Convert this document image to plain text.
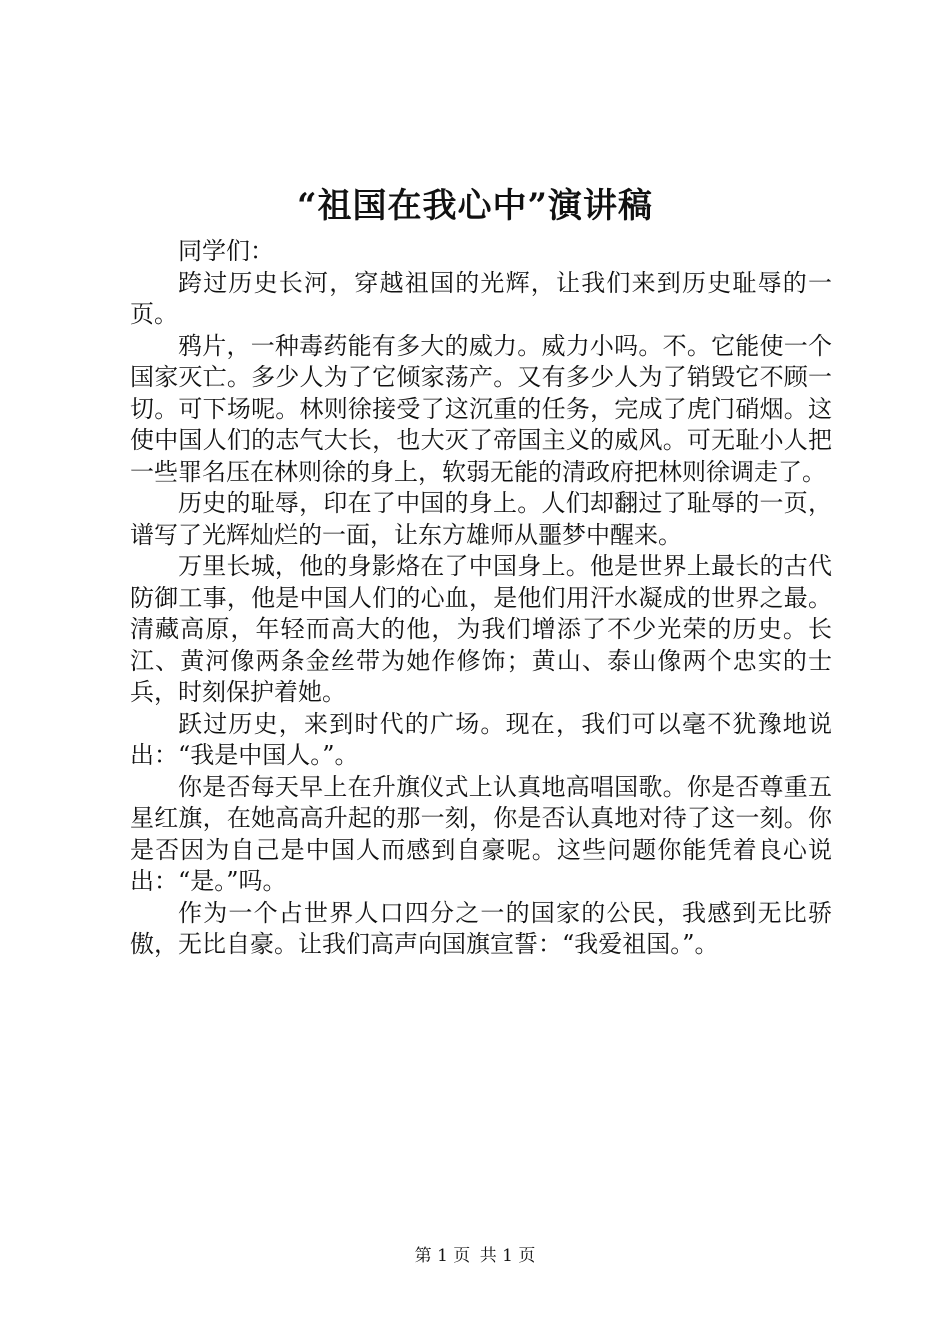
“祖国在我心中”演讲稿

同学们：

跨过历史长河，穿越祖国的光辉，让我们来到历史耻辱的一页。

鸦片，一种毒药能有多大的威力。威力小吗。不。它能使一个国家灭亡。多少人为了它倾家荡产。又有多少人为了销毁它不顾一切。可下场呢。林则徐接受了这沉重的任务，完成了虎门硝烟。这使中国人们的志气大长，也大灭了帝国主义的威风。可无耻小人把一些罪名压在林则徐的身上，软弱无能的清政府把林则徐调走了。

历史的耻辱，印在了中国的身上。人们却翻过了耻辱的一页，谱写了光辉灿烂的一面，让东方雄师从噩梦中醒来。

万里长城，他的身影烙在了中国身上。他是世界上最长的古代防御工事，他是中国人们的心血，是他们用汗水凝成的世界之最。清藏高原，年轻而高大的他，为我们增添了不少光荣的历史。长江、黄河像两条金丝带为她作修饰；黄山、泰山像两个忠实的士兵，时刻保护着她。

跃过历史，来到时代的广场。现在，我们可以毫不犹豫地说出：“我是中国人。”。

你是否每天早上在升旗仪式上认真地高唱国歌。你是否尊重五星红旗，在她高高升起的那一刻，你是否认真地对待了这一刻。你是否因为自己是中国人而感到自豪呢。这些问题你能凭着良心说出：“是。”吗。

作为一个占世界人口四分之一的国家的公民，我感到无比骄傲，无比自豪。让我们高声向国旗宣誓：“我爱祖国。”。

第 1 页 共 1 页
